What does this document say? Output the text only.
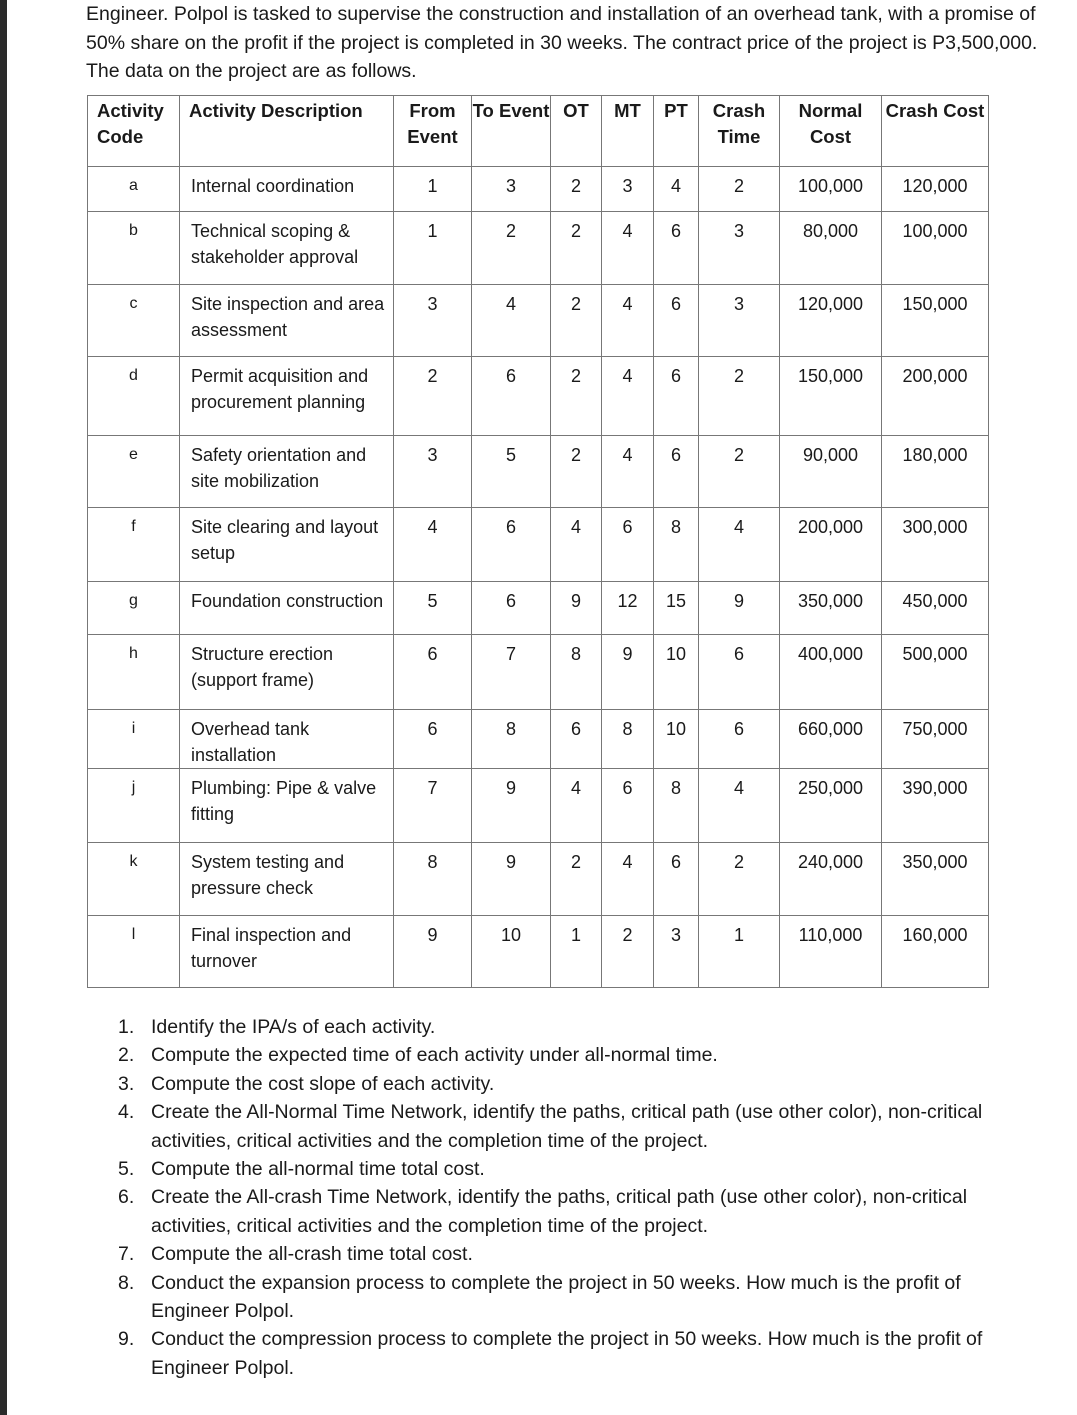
Engineer. Polpol is tasked to supervise the construction and installation of an overhead tank, with a promise of 50% share on the profit if the project is completed in 30 weeks. The contract price of the project is P3,500,000. The data on the project are as follows.

Activity Code	Activity Description	From Event	To Event	OT	MT	PT	Crash Time	Normal Cost	Crash Cost
a	Internal coordination	1	3	2	3	4	2	100,000	120,000
b	Technical scoping & stakeholder approval	1	2	2	4	6	3	80,000	100,000
c	Site inspection and area assessment	3	4	2	4	6	3	120,000	150,000
d	Permit acquisition and procurement planning	2	6	2	4	6	2	150,000	200,000
e	Safety orientation and site mobilization	3	5	2	4	6	2	90,000	180,000
f	Site clearing and layout setup	4	6	4	6	8	4	200,000	300,000
g	Foundation construction	5	6	9	12	15	9	350,000	450,000
h	Structure erection (support frame)	6	7	8	9	10	6	400,000	500,000
i	Overhead tank installation	6	8	6	8	10	6	660,000	750,000
j	Plumbing: Pipe & valve fitting	7	9	4	6	8	4	250,000	390,000
k	System testing and pressure check	8	9	2	4	6	2	240,000	350,000
l	Final inspection and turnover	9	10	1	2	3	1	110,000	160,000
1. Identify the IPA/s of each activity.
2. Compute the expected time of each activity under all-normal time.
3. Compute the cost slope of each activity.
4. Create the All-Normal Time Network, identify the paths, critical path (use other color), non-critical activities, critical activities and the completion time of the project.
5. Compute the all-normal time total cost.
6. Create the All-crash Time Network, identify the paths, critical path (use other color), non-critical activities, critical activities and the completion time of the project.
7. Compute the all-crash time total cost.
8. Conduct the expansion process to complete the project in 50 weeks. How much is the profit of Engineer Polpol.
9. Conduct the compression process to complete the project in 50 weeks. How much is the profit of Engineer Polpol.
